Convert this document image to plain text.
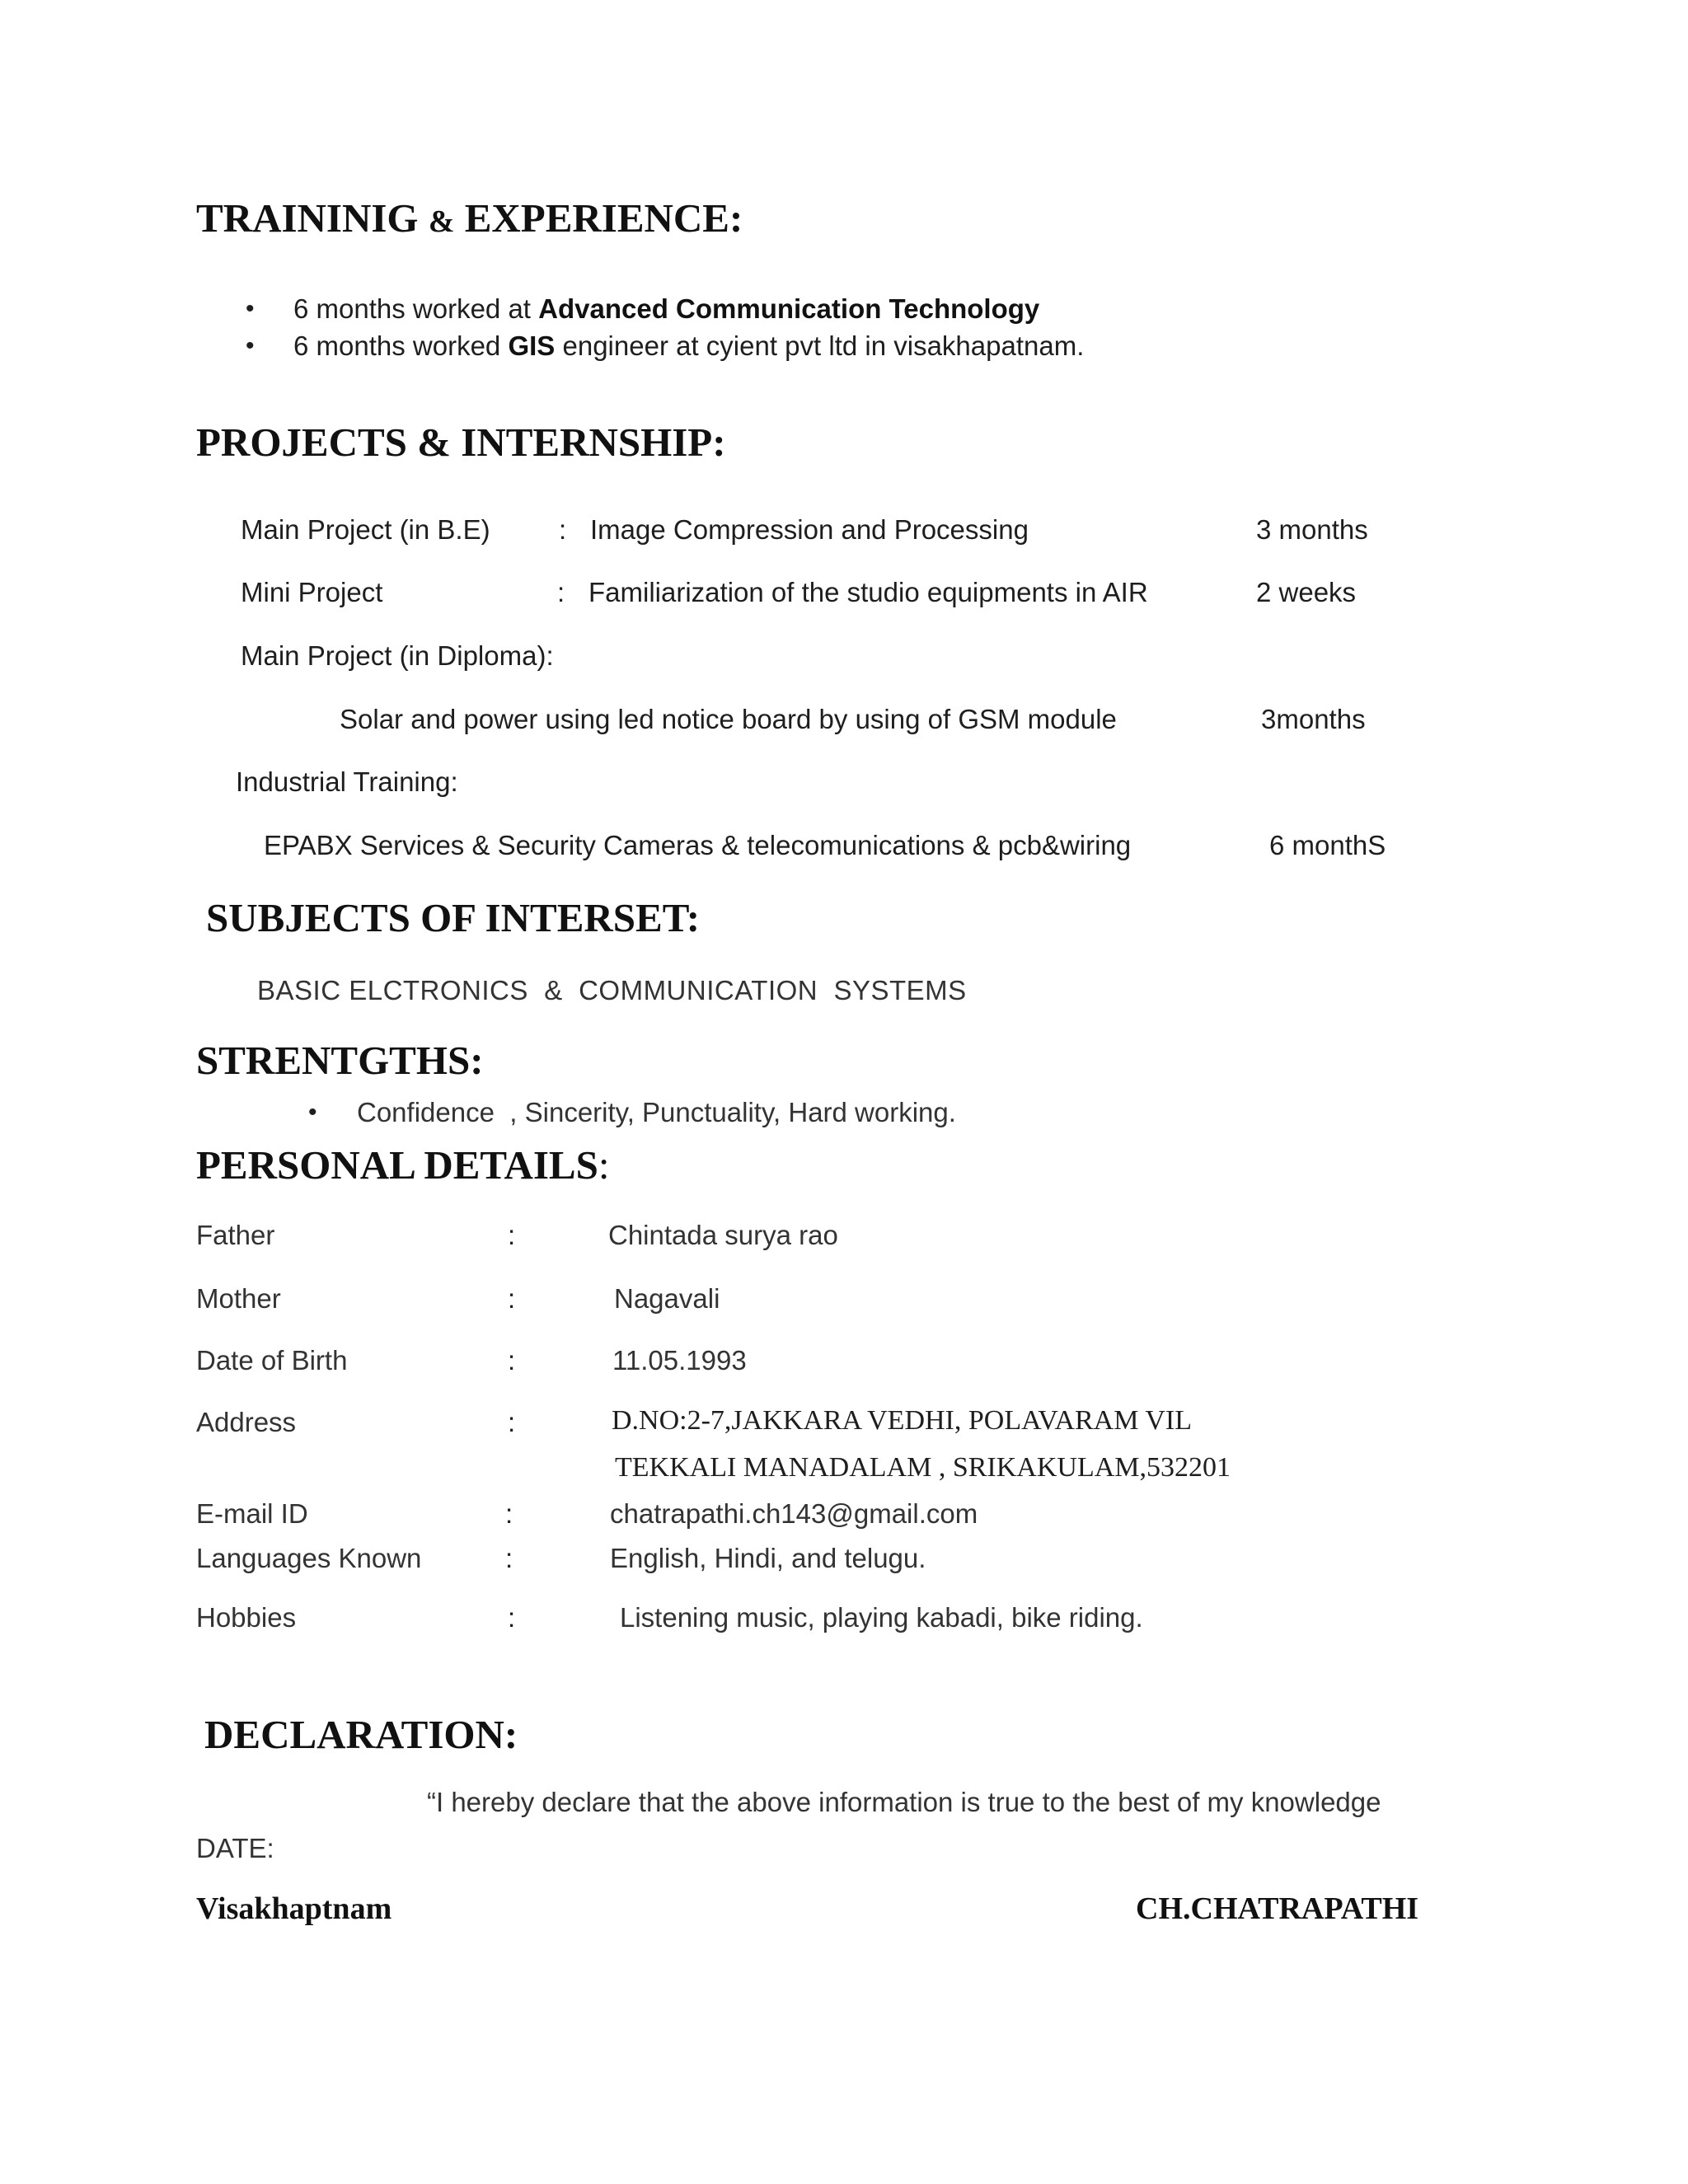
TRAININIG & EXPERIENCE:
• 6 months worked at Advanced Communication Technology
• 6 months worked GIS engineer at cyient pvt ltd in visakhapatnam.
PROJECTS & INTERNSHIP:
Main Project (in B.E)	: Image Compression and Processing	3 months
Mini Project	: Familiarization of the studio equipments in AIR	2 weeks
Main Project (in Diploma):
Solar and power using led notice board by using of GSM module	3months
Industrial Training:
EPABX Services & Security Cameras & telecomunications & pcb&wiring	6 monthS
SUBJECTS OF INTERSET:
BASIC ELCTRONICS  &  COMMUNICATION  SYSTEMS
STRENTGTHS:
• Confidence  , Sincerity, Punctuality, Hard working.
PERSONAL DETAILS:
Father	:	Chintada surya rao
Mother	:	Nagavali
Date of Birth	:	11.05.1993
Address	:	D.NO:2-7,JAKKARA VEDHI, POLAVARAM VIL
TEKKALI MANADALAM , SRIKAKULAM,532201
E-mail ID	:	chatrapathi.ch143@gmail.com
Languages Known	:	English, Hindi, and telugu.
Hobbies	:	Listening music, playing kabadi, bike riding.
DECLARATION:
“I hereby declare that the above information is true to the best of my knowledge
DATE:
Visakhaptnam	CH.CHATRAPATHI
